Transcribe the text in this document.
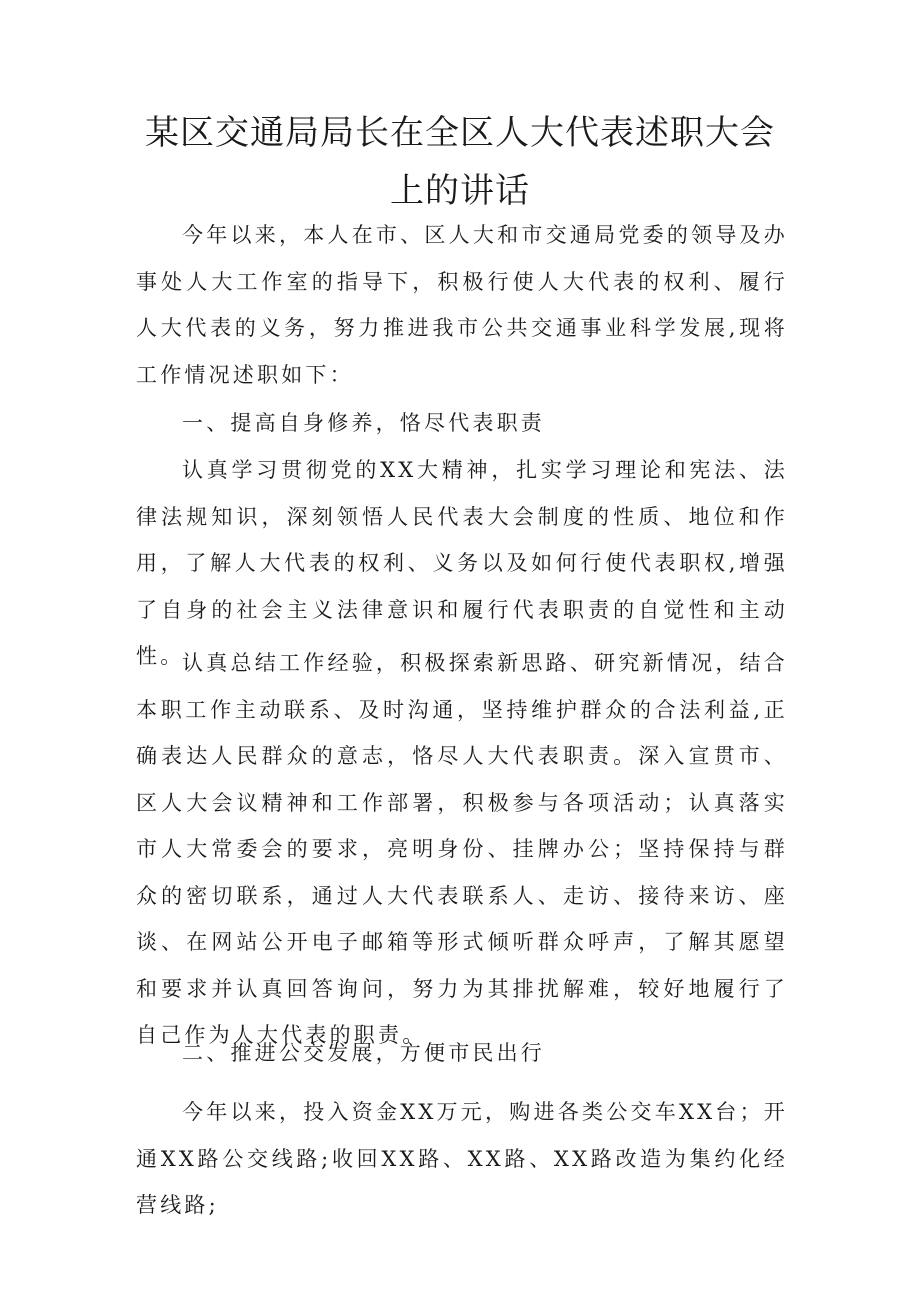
某区交通局局长在全区人大代表述职大会
上的讲话

今年以来，本人在市、区人大和市交通局党委的领导及办事处人大工作室的指导下，积极行使人大代表的权利、履行人大代表的义务，努力推进我市公共交通事业科学发展,现将工作情况述职如下：

一、提高自身修养，恪尽代表职责

认真学习贯彻党的XX大精神，扎实学习理论和宪法、法律法规知识，深刻领悟人民代表大会制度的性质、地位和作用，了解人大代表的权利、义务以及如何行使代表职权,增强了自身的社会主义法律意识和履行代表职责的自觉性和主动性。

认真总结工作经验，积极探索新思路、研究新情况，结合本职工作主动联系、及时沟通，坚持维护群众的合法利益,正确表达人民群众的意志，恪尽人大代表职责。深入宣贯市、区人大会议精神和工作部署，积极参与各项活动；认真落实市人大常委会的要求，亮明身份、挂牌办公；坚持保持与群众的密切联系，通过人大代表联系人、走访、接待来访、座谈、在网站公开电子邮箱等形式倾听群众呼声，了解其愿望和要求并认真回答询问，努力为其排扰解难，较好地履行了自己作为人大代表的职责。

二、推进公交发展，方便市民出行

今年以来，投入资金XX万元，购进各类公交车XX台；开通XX路公交线路;收回XX路、XX路、XX路改造为集约化经营线路;
